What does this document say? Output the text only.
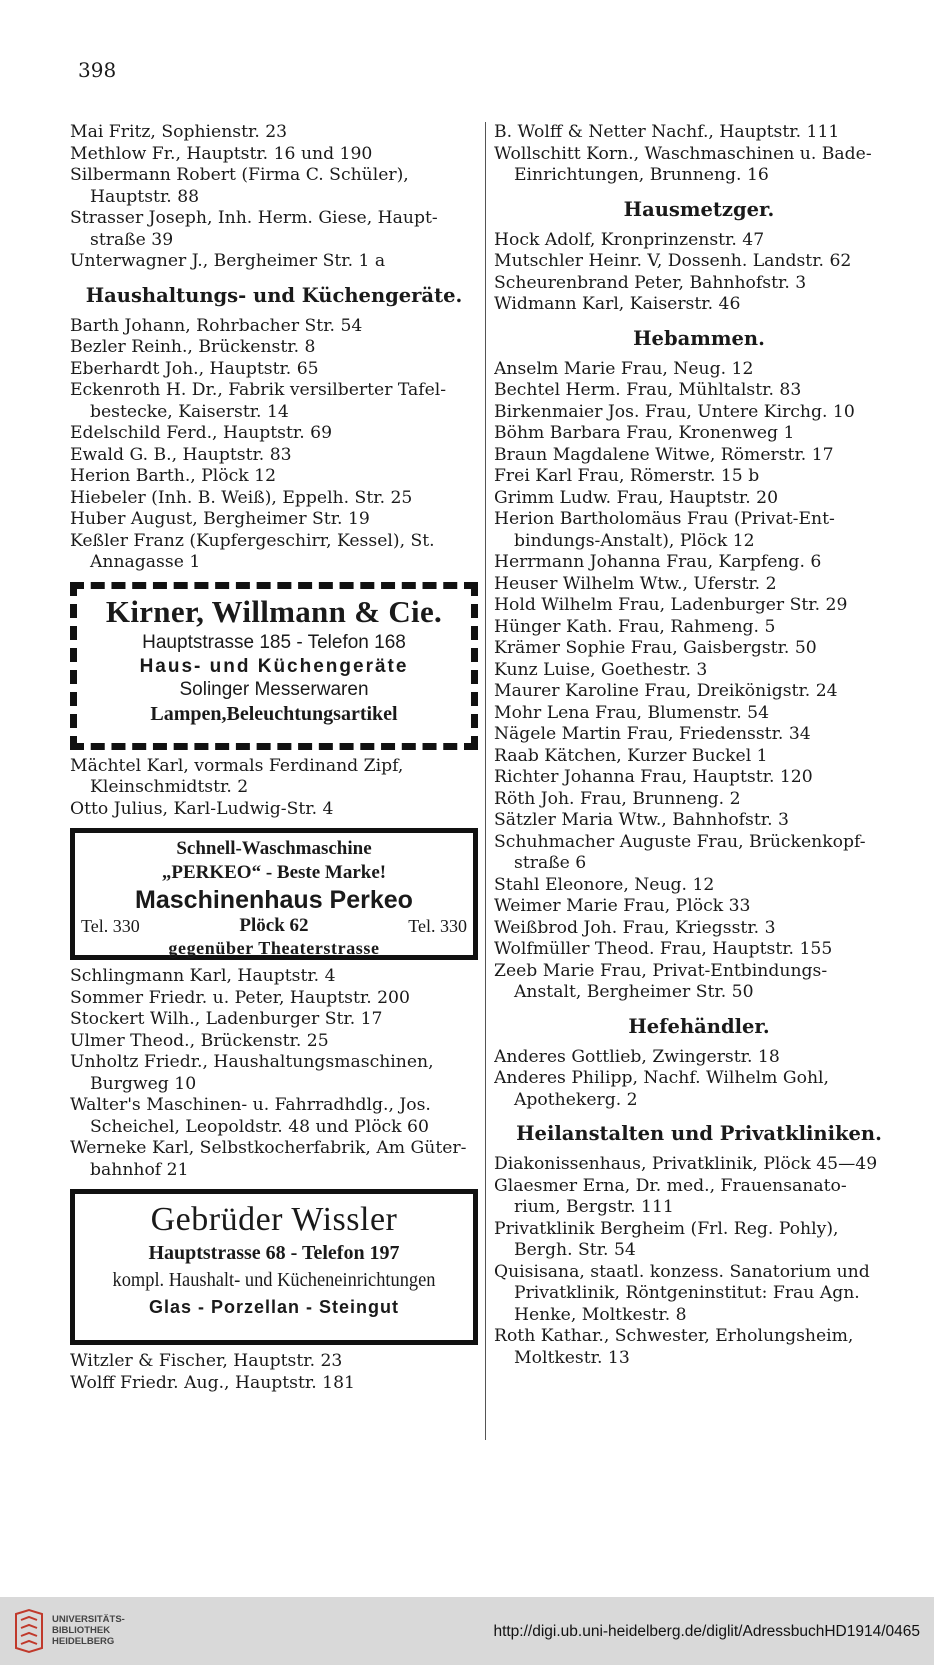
398
Mai Fritz, Sophienstr. 23
Methlow Fr., Hauptstr. 16 und 190
Silbermann Robert (Firma C. Schüler),
Hauptstr. 88
Strasser Joseph, Inh. Herm. Giese, Haupt-
straße 39
Unterwagner J., Bergheimer Str. 1 a
Haushaltungs- und Küchengeräte.
Barth Johann, Rohrbacher Str. 54
Bezler Reinh., Brückenstr. 8
Eberhardt Joh., Hauptstr. 65
Eckenroth H. Dr., Fabrik versilberter Tafel-
bestecke, Kaiserstr. 14
Edelschild Ferd., Hauptstr. 69
Ewald G. B., Hauptstr. 83
Herion Barth., Plöck 12
Hiebeler (Inh. B. Weiß), Eppelh. Str. 25
Huber August, Bergheimer Str. 19
Keßler Franz (Kupfergeschirr, Kessel), St.
Annagasse 1
Kirner, Willmann & Cie.
Hauptstrasse 185 - Telefon 168
Haus- und Küchengeräte
Solinger Messerwaren
Lampen,Beleuchtungsartikel
Mächtel Karl, vormals Ferdinand Zipf,
Kleinschmidtstr. 2
Otto Julius, Karl-Ludwig-Str. 4
Schnell-Waschmaschine
„PERKEO“ - Beste Marke!
Maschinenhaus Perkeo
Tel. 330	Plöck 62	Tel. 330
gegenüber Theaterstrasse
Schlingmann Karl, Hauptstr. 4
Sommer Friedr. u. Peter, Hauptstr. 200
Stockert Wilh., Ladenburger Str. 17
Ulmer Theod., Brückenstr. 25
Unholtz Friedr., Haushaltungsmaschinen,
Burgweg 10
Walter's Maschinen- u. Fahrradhdlg., Jos.
Scheichel, Leopoldstr. 48 und Plöck 60
Werneke Karl, Selbstkocherfabrik, Am Güter-
bahnhof 21
Gebrüder Wissler
Hauptstrasse 68 - Telefon 197
kompl. Haushalt- und Kücheneinrichtungen
Glas - Porzellan - Steingut
Witzler & Fischer, Hauptstr. 23
Wolff Friedr. Aug., Hauptstr. 181
B. Wolff & Netter Nachf., Hauptstr. 111
Wollschitt Korn., Waschmaschinen u. Bade-
Einrichtungen, Brunneng. 16
Hausmetzger.
Hock Adolf, Kronprinzenstr. 47
Mutschler Heinr. V, Dossenh. Landstr. 62
Scheurenbrand Peter, Bahnhofstr. 3
Widmann Karl, Kaiserstr. 46
Hebammen.
Anselm Marie Frau, Neug. 12
Bechtel Herm. Frau, Mühltalstr. 83
Birkenmaier Jos. Frau, Untere Kirchg. 10
Böhm Barbara Frau, Kronenweg 1
Braun Magdalene Witwe, Römerstr. 17
Frei Karl Frau, Römerstr. 15 b
Grimm Ludw. Frau, Hauptstr. 20
Herion Bartholomäus Frau (Privat-Ent-
bindungs-Anstalt), Plöck 12
Herrmann Johanna Frau, Karpfeng. 6
Heuser Wilhelm Wtw., Uferstr. 2
Hold Wilhelm Frau, Ladenburger Str. 29
Hünger Kath. Frau, Rahmeng. 5
Krämer Sophie Frau, Gaisbergstr. 50
Kunz Luise, Goethestr. 3
Maurer Karoline Frau, Dreikönigstr. 24
Mohr Lena Frau, Blumenstr. 54
Nägele Martin Frau, Friedensstr. 34
Raab Kätchen, Kurzer Buckel 1
Richter Johanna Frau, Hauptstr. 120
Röth Joh. Frau, Brunneng. 2
Sätzler Maria Wtw., Bahnhofstr. 3
Schuhmacher Auguste Frau, Brückenkopf-
straße 6
Stahl Eleonore, Neug. 12
Weimer Marie Frau, Plöck 33
Weißbrod Joh. Frau, Kriegsstr. 3
Wolfmüller Theod. Frau, Hauptstr. 155
Zeeb Marie Frau, Privat-Entbindungs-
Anstalt, Bergheimer Str. 50
Hefehändler.
Anderes Gottlieb, Zwingerstr. 18
Anderes Philipp, Nachf. Wilhelm Gohl,
Apothekerg. 2
Heilanstalten und Privatkliniken.
Diakonissenhaus, Privatklinik, Plöck 45—49
Glaesmer Erna, Dr. med., Frauensanato-
rium, Bergstr. 111
Privatklinik Bergheim (Frl. Reg. Pohly),
Bergh. Str. 54
Quisisana, staatl. konzess. Sanatorium und
Privatklinik, Röntgeninstitut: Frau Agn.
Henke, Moltkestr. 8
Roth Kathar., Schwester, Erholungsheim,
Moltkestr. 13
UNIVERSITÄTS-
BIBLIOTHEK
HEIDELBERG
http://digi.ub.uni-heidelberg.de/diglit/AdressbuchHD1914/0465
